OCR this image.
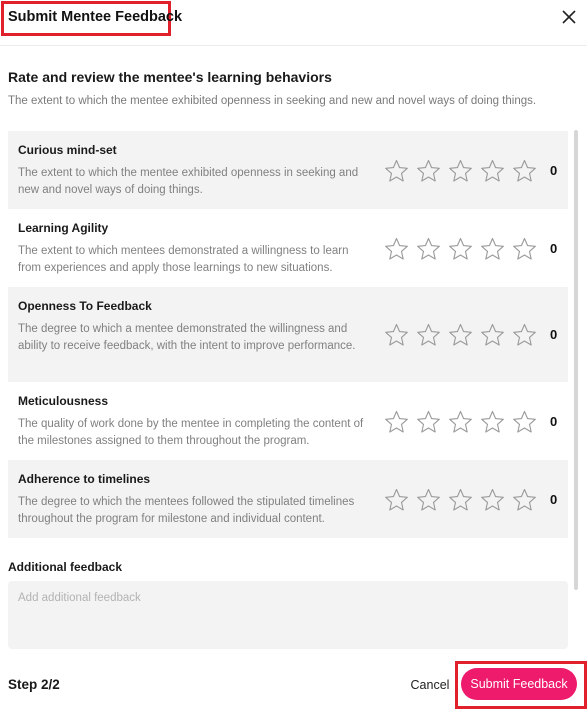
Submit Mentee Feedback
Rate and review the mentee's learning behaviors
The extent to which the mentee exhibited openness in seeking and new and novel ways of doing things.
Curious mind-set
The extent to which the mentee exhibited openness in seeking and new and novel ways of doing things.
0
Learning Agility
The extent to which mentees demonstrated a willingness to learn from experiences and apply those learnings to new situations.
0
Openness To Feedback
The degree to which a mentee demonstrated the willingness and ability to receive feedback, with the intent to improve performance.
0
Meticulousness
The quality of work done by the mentee in completing the content of the milestones assigned to them throughout the program.
0
Adherence to timelines
The degree to which the mentees followed the stipulated timelines throughout the program for milestone and individual content.
0
Additional feedback
Add additional feedback
Step 2/2	Cancel	Submit Feedback
